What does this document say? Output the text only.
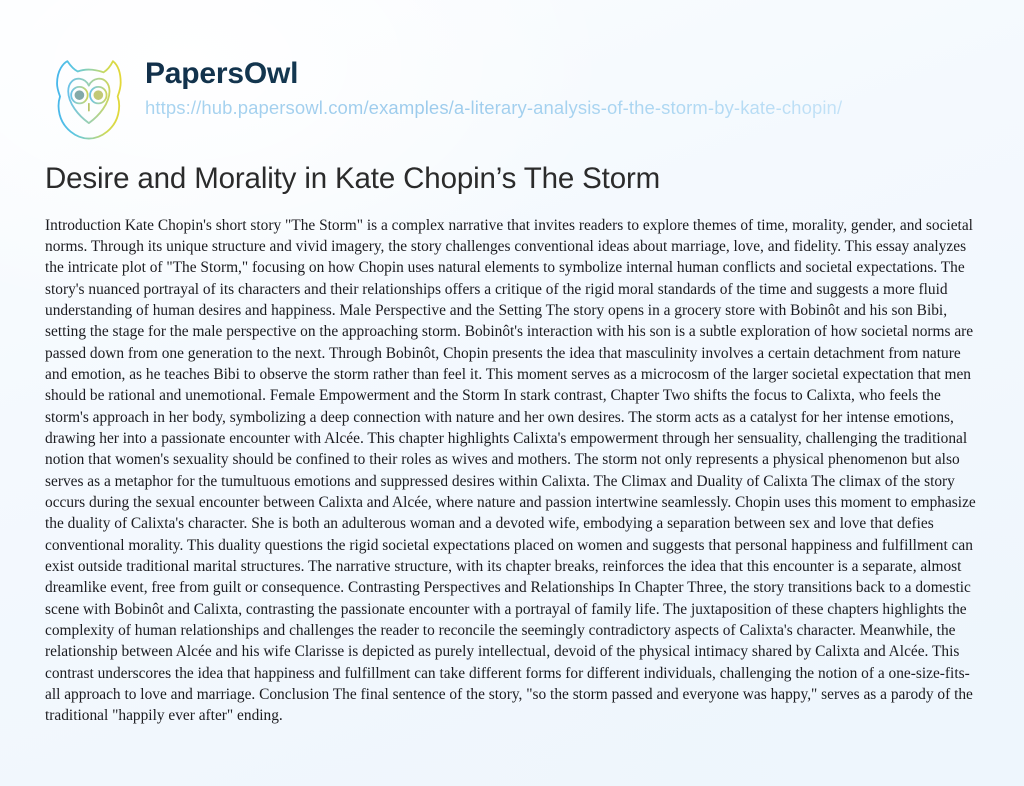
PapersOwl
https://hub.papersowl.com/examples/a-literary-analysis-of-the-storm-by-kate-chopin/
Desire and Morality in Kate Chopin’s The Storm

Introduction Kate Chopin's short story "The Storm" is a complex narrative that invites readers to explore themes of time, morality, gender, and societal norms. Through its unique structure and vivid imagery, the story challenges conventional ideas about marriage, love, and fidelity. This essay analyzes the intricate plot of "The Storm," focusing on how Chopin uses natural elements to symbolize internal human conflicts and societal expectations. The story's nuanced portrayal of its characters and their relationships offers a critique of the rigid moral standards of the time and suggests a more fluid understanding of human desires and happiness. Male Perspective and the Setting The story opens in a grocery store with Bobinôt and his son Bibi, setting the stage for the male perspective on the approaching storm. Bobinôt's interaction with his son is a subtle exploration of how societal norms are passed down from one generation to the next. Through Bobinôt, Chopin presents the idea that masculinity involves a certain detachment from nature and emotion, as he teaches Bibi to observe the storm rather than feel it. This moment serves as a microcosm of the larger societal expectation that men should be rational and unemotional. Female Empowerment and the Storm In stark contrast, Chapter Two shifts the focus to Calixta, who feels the storm's approach in her body, symbolizing a deep connection with nature and her own desires. The storm acts as a catalyst for her intense emotions, drawing her into a passionate encounter with Alcée. This chapter highlights Calixta's empowerment through her sensuality, challenging the traditional notion that women's sexuality should be confined to their roles as wives and mothers. The storm not only represents a physical phenomenon but also serves as a metaphor for the tumultuous emotions and suppressed desires within Calixta. The Climax and Duality of Calixta The climax of the story occurs during the sexual encounter between Calixta and Alcée, where nature and passion intertwine seamlessly. Chopin uses this moment to emphasize the duality of Calixta's character. She is both an adulterous woman and a devoted wife, embodying a separation between sex and love that defies conventional morality. This duality questions the rigid societal expectations placed on women and suggests that personal happiness and fulfillment can exist outside traditional marital structures. The narrative structure, with its chapter breaks, reinforces the idea that this encounter is a separate, almost dreamlike event, free from guilt or consequence. Contrasting Perspectives and Relationships In Chapter Three, the story transitions back to a domestic scene with Bobinôt and Calixta, contrasting the passionate encounter with a portrayal of family life. The juxtaposition of these chapters highlights the complexity of human relationships and challenges the reader to reconcile the seemingly contradictory aspects of Calixta's character. Meanwhile, the relationship between Alcée and his wife Clarisse is depicted as purely intellectual, devoid of the physical intimacy shared by Calixta and Alcée. This contrast underscores the idea that happiness and fulfillment can take different forms for different individuals, challenging the notion of a one-size-fits-all approach to love and marriage. Conclusion The final sentence of the story, "so the storm passed and everyone was happy," serves as a parody of the traditional "happily ever after" ending.
